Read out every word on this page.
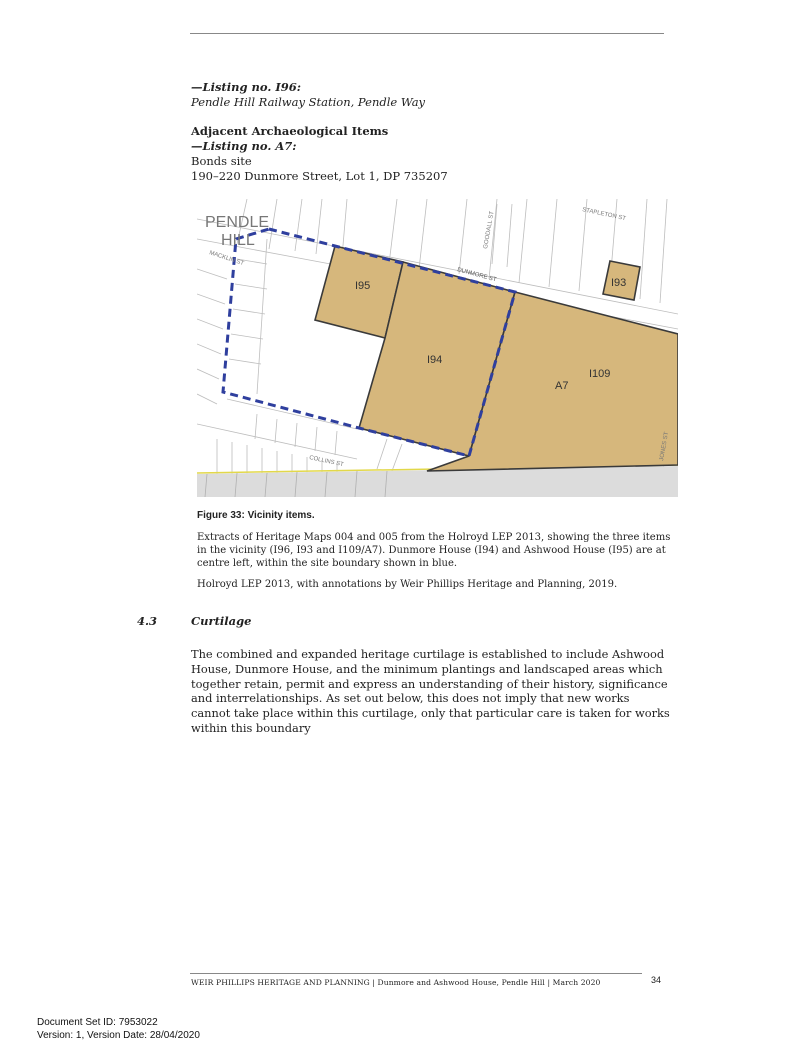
—Listing no. I96:
Pendle Hill Railway Station, Pendle Way
Adjacent Archaeological Items
—Listing no. A7:
Bonds site
190–220 Dunmore Street, Lot 1, DP 735207
PENDLE
HILL
STAPLETON ST
GOODALL ST
MACKLIN ST
DUNMORE ST
COLLINS ST
JONES ST
I95
I94
I93
I109
A7
Figure 33: Vicinity items.
Extracts of Heritage Maps 004 and 005 from the Holroyd LEP 2013, showing the three items in the vicinity (I96, I93 and I109/A7). Dunmore House (I94) and Ashwood House (I95) are at centre left, within the site boundary shown in blue.
Holroyd LEP 2013, with annotations by Weir Phillips Heritage and Planning, 2019.
4.3	Curtilage
The combined and expanded heritage curtilage is established to include Ashwood House, Dunmore House, and the minimum plantings and landscaped areas which together retain, permit and express an understanding of their history, significance and interrelationships. As set out below, this does not imply that new works cannot take place within this curtilage, only that particular care is taken for works within this boundary
WEIR PHILLIPS HERITAGE AND PLANNING | Dunmore and Ashwood House, Pendle Hill | March 2020	34
Document Set ID: 7953022
Version: 1, Version Date: 28/04/2020
